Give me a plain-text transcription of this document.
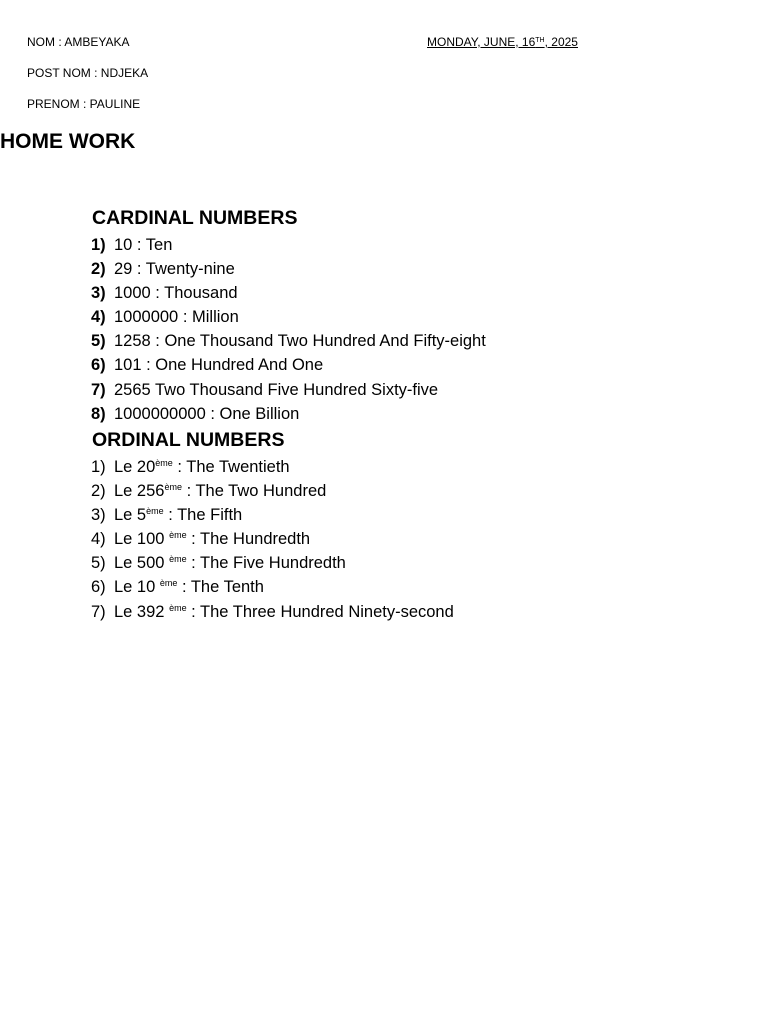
NOM : AMBEYAKA
POST NOM : NDJEKA
PRENOM : PAULINE
MONDAY, JUNE, 16TH, 2025
HOME WORK
CARDINAL NUMBERS
1) 10 : Ten
2) 29 : Twenty-nine
3) 1000 : Thousand
4) 1000000 : Million
5) 1258 : One Thousand Two Hundred And Fifty-eight
6) 101 : One Hundred And One
7) 2565 Two Thousand Five Hundred Sixty-five
8) 1000000000 : One Billion
ORDINAL NUMBERS
1) Le 20ème : The Twentieth
2) Le 256ème : The Two Hundred
3) Le 5ème : The Fifth
4) Le 100 $^{ème}$ : The Hundredth
5) Le 500 $^{ème}$ : The Five Hundredth
6) Le 10 $^{ème}$ : The Tenth
7) Le 392 $^{ème}$ : The Three Hundred Ninety-second
